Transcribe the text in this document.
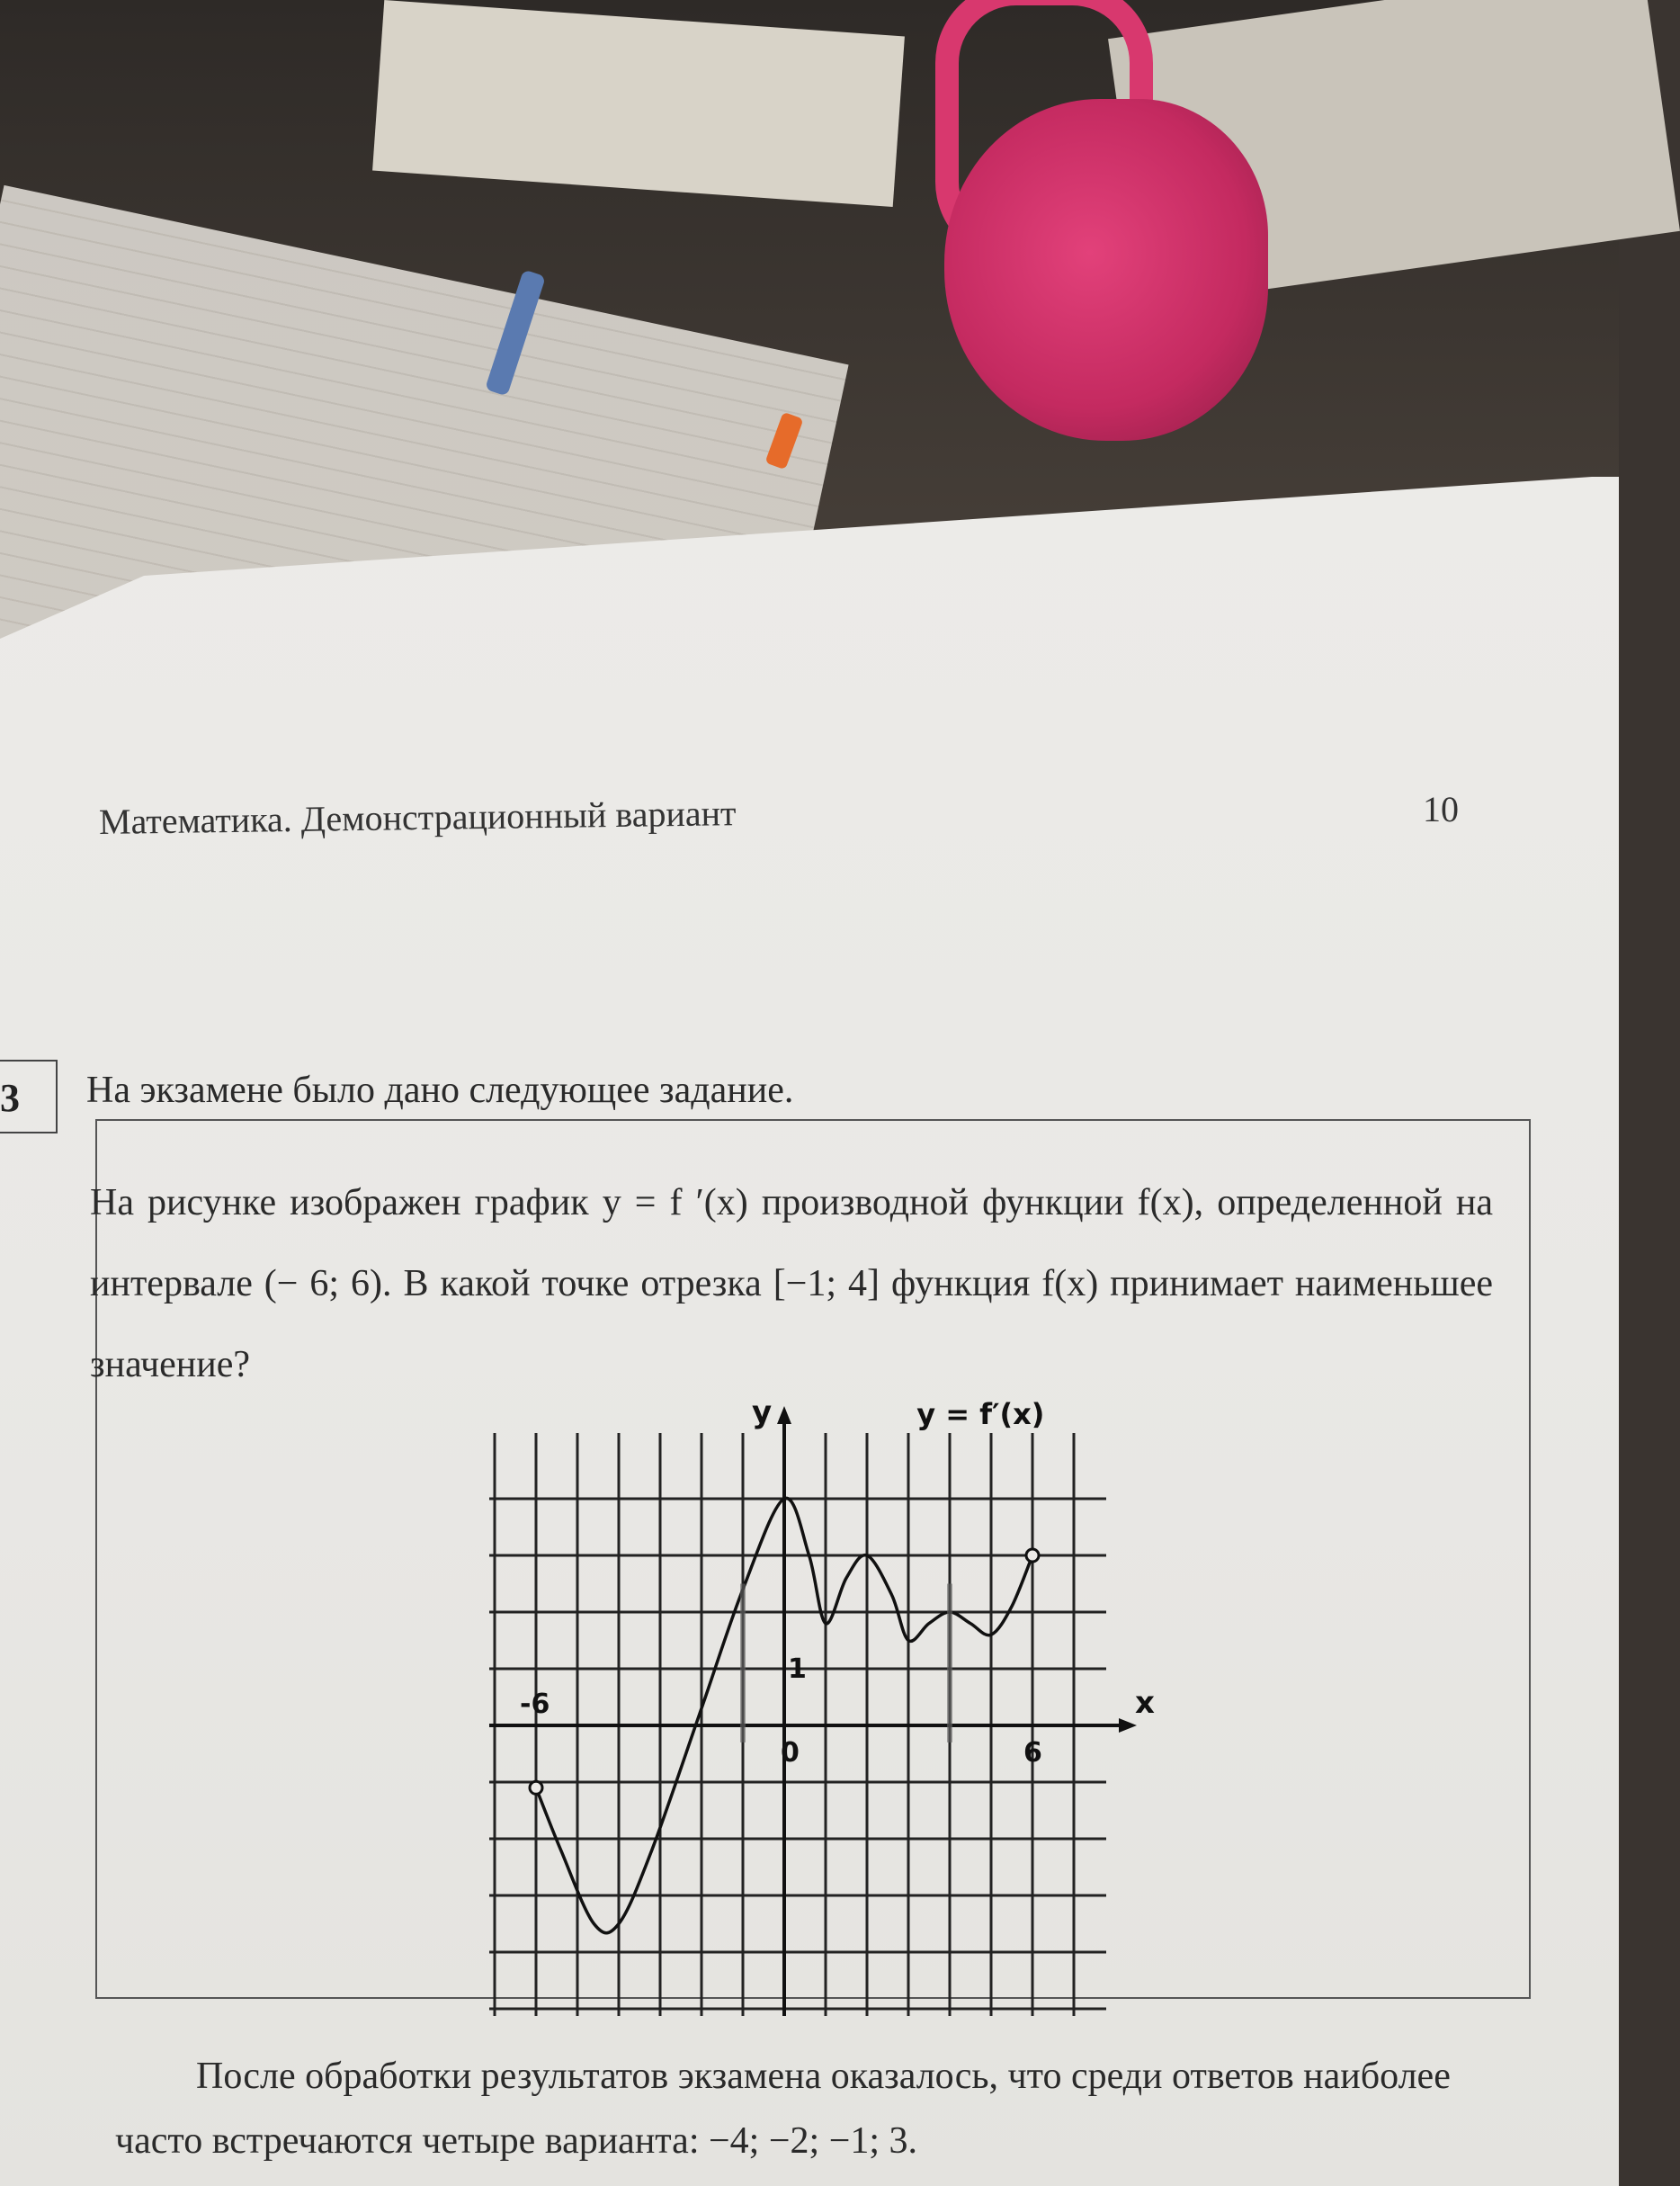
Математика. Демонстрационный вариант	10
3 На экзамене было дано следующее задание.
На рисунке изображен график y = f ′(x) производной функции f(x), определенной на интервале (− 6; 6). В какой точке отрезка [−1; 4] функция f(x) принимает наименьшее значение?
-6
0	6
1
x
y	y = f′(x)
После обработки результатов экзамена оказалось, что среди ответов наиболее часто встречаются четыре варианта: −4; −2; −1; 3.
